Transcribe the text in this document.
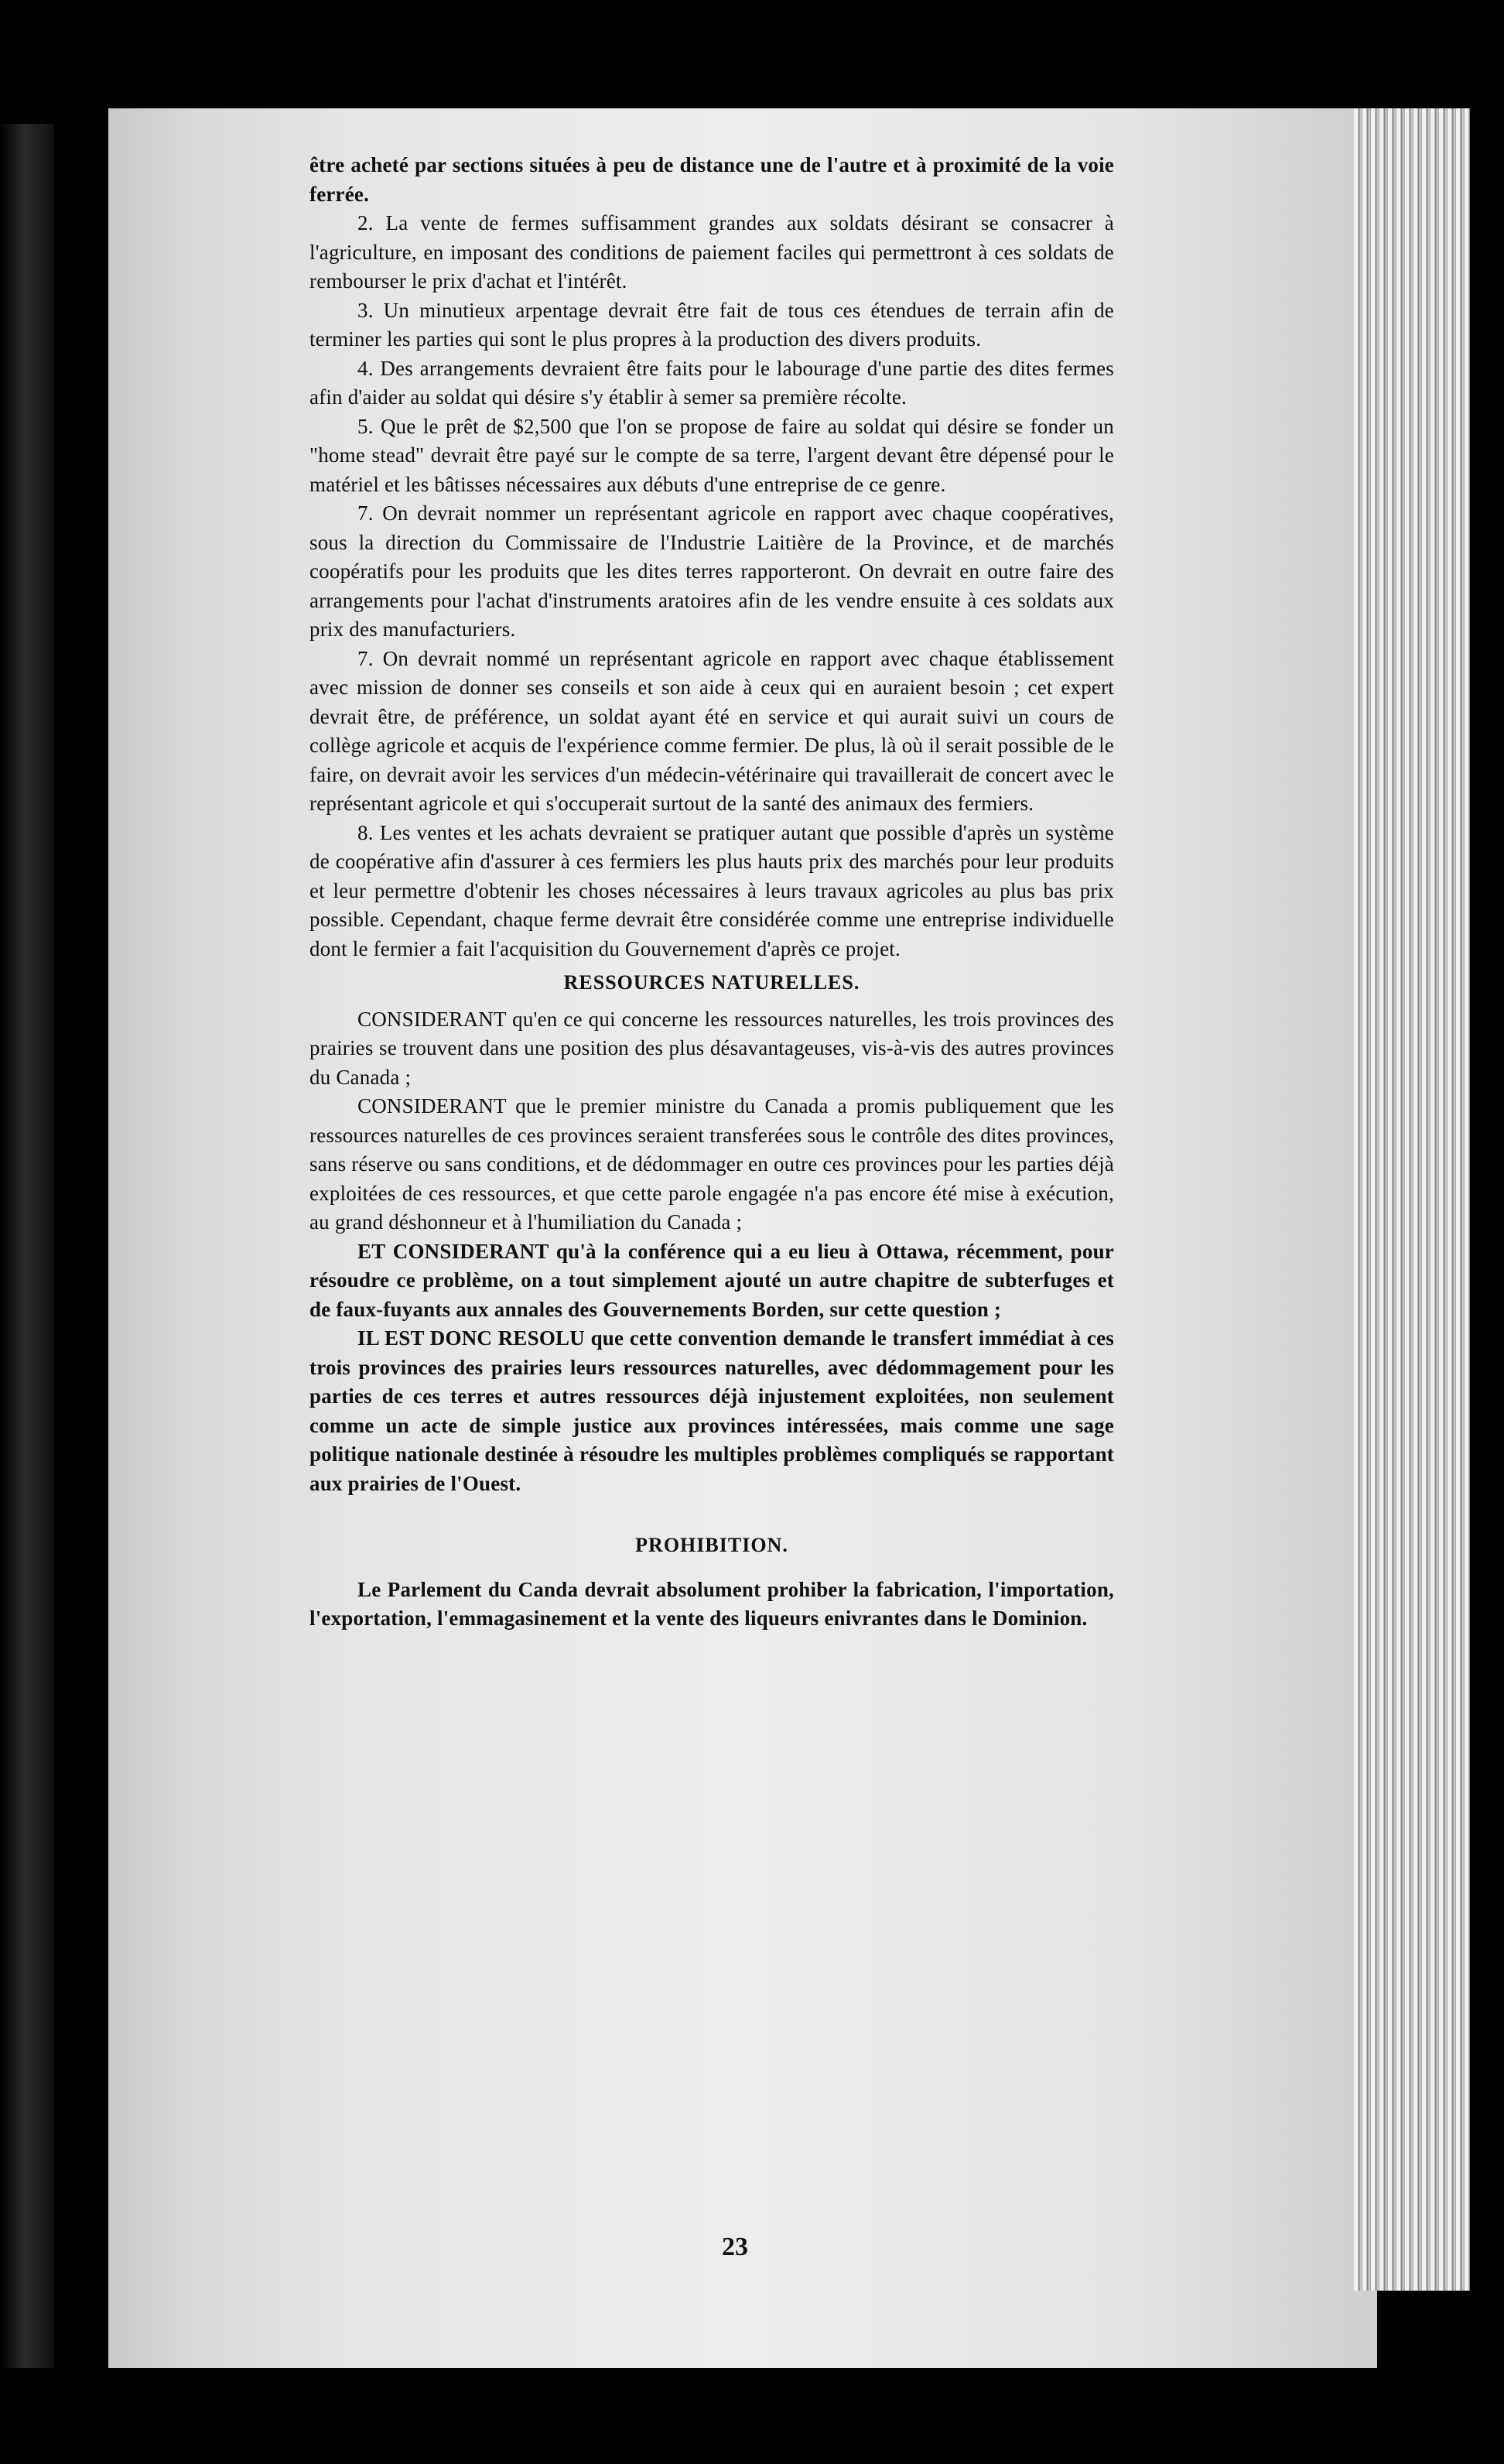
être acheté par sections situées à peu de distance une de l'autre et à proximité de la voie ferrée.

2. La vente de fermes suffisamment grandes aux soldats désirant se consacrer à l'agriculture, en imposant des conditions de paiement faciles qui permettront à ces soldats de rembourser le prix d'achat et l'intérêt.

3. Un minutieux arpentage devrait être fait de tous ces étendues de terrain afin de terminer les parties qui sont le plus propres à la production des divers produits.

4. Des arrangements devraient être faits pour le labourage d'une partie des dites fermes afin d'aider au soldat qui désire s'y établir à semer sa première récolte.

5. Que le prêt de $2,500 que l'on se propose de faire au soldat qui désire se fonder un "home stead" devrait être payé sur le compte de sa terre, l'argent devant être dépensé pour le matériel et les bâtisses nécessaires aux débuts d'une entreprise de ce genre.

7. On devrait nommer un représentant agricole en rapport avec chaque coopératives, sous la direction du Commissaire de l'Industrie Laitière de la Province, et de marchés coopératifs pour les produits que les dites terres rapporteront. On devrait en outre faire des arrangements pour l'achat d'instruments aratoires afin de les vendre ensuite à ces soldats aux prix des manufacturiers.

7. On devrait nommé un représentant agricole en rapport avec chaque établissement avec mission de donner ses conseils et son aide à ceux qui en auraient besoin ; cet expert devrait être, de préférence, un soldat ayant été en service et qui aurait suivi un cours de collège agricole et acquis de l'expérience comme fermier. De plus, là où il serait possible de le faire, on devrait avoir les services d'un médecin-vétérinaire qui travaillerait de concert avec le représentant agricole et qui s'occuperait surtout de la santé des animaux des fermiers.

8. Les ventes et les achats devraient se pratiquer autant que possible d'après un système de coopérative afin d'assurer à ces fermiers les plus hauts prix des marchés pour leur produits et leur permettre d'obtenir les choses nécessaires à leurs travaux agricoles au plus bas prix possible. Cependant, chaque ferme devrait être considérée comme une entreprise individuelle dont le fermier a fait l'acquisition du Gouvernement d'après ce projet.

RESSOURCES NATURELLES.

CONSIDERANT qu'en ce qui concerne les ressources naturelles, les trois provinces des prairies se trouvent dans une position des plus désavantageuses, vis-à-vis des autres provinces du Canada ;

CONSIDERANT que le premier ministre du Canada a promis publiquement que les ressources naturelles de ces provinces seraient transferées sous le contrôle des dites provinces, sans réserve ou sans conditions, et de dédommager en outre ces provinces pour les parties déjà exploitées de ces ressources, et que cette parole engagée n'a pas encore été mise à exécution, au grand déshonneur et à l'humiliation du Canada ;

ET CONSIDERANT qu'à la conférence qui a eu lieu à Ottawa, récemment, pour résoudre ce problème, on a tout simplement ajouté un autre chapitre de subterfuges et de faux-fuyants aux annales des Gouvernements Borden, sur cette question ;

IL EST DONC RESOLU que cette convention demande le transfert immédiat à ces trois provinces des prairies leurs ressources naturelles, avec dédommagement pour les parties de ces terres et autres ressources déjà injustement exploitées, non seulement comme un acte de simple justice aux provinces intéressées, mais comme une sage politique nationale destinée à résoudre les multiples problèmes compliqués se rapportant aux prairies de l'Ouest.

PROHIBITION.

Le Parlement du Canda devrait absolument prohiber la fabrication, l'importation, l'exportation, l'emmagasinement et la vente des liqueurs enivrantes dans le Dominion.

23
